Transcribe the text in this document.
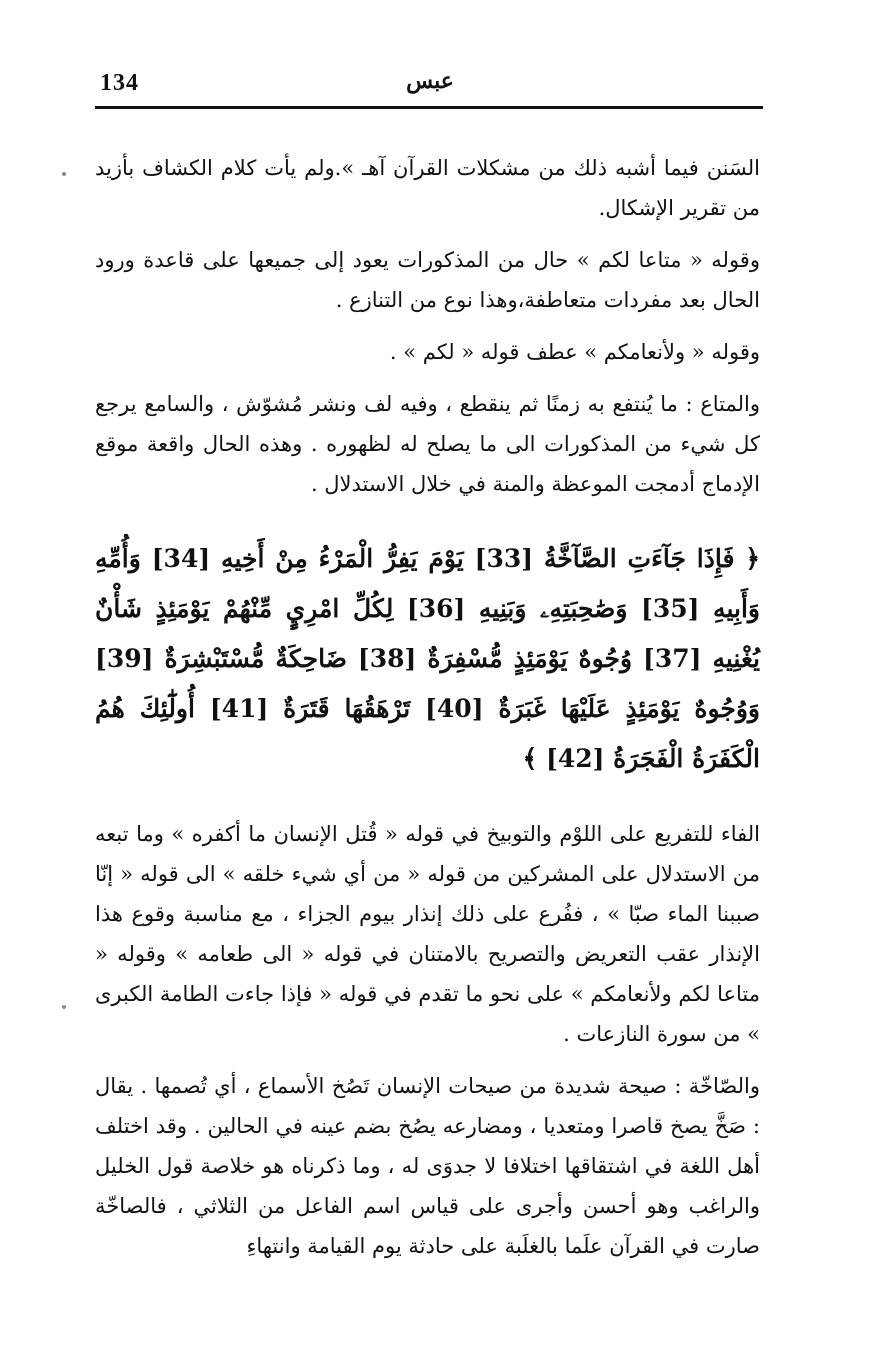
134	عبس

السَنن فيما أشبه ذلك من مشكلات القرآن آهـ ».ولم يأت كلام الكشاف بأزيد من تقرير الإشكال.

وقوله « متاعا لكم » حال من المذكورات يعود إلى جميعها على قاعدة ورود الحال بعد مفردات متعاطفة،وهذا نوع من التنازع .

وقوله « ولأنعامكم » عطف قوله « لكم » .

والمتاع : ما يُنتفع به زمنًا ثم ينقطع ، وفيه لف ونشر مُشوّش ، والسامع يرجع كل شيء من المذكورات الى ما يصلح له لظهوره . وهذه الحال واقعة موقع الإدماج أدمجت الموعظة والمنة في خلال الاستدلال .

﴿ فَإِذَا جَآءَتِ الصَّآخَّةُ [33] يَوْمَ يَفِرُّ الْمَرْءُ مِنْ أَخِيهِ [34] وَأُمِّهِ وَأَبِيهِ [35] وَصَٰحِبَتِهِۦ وَبَنِيهِ [36] لِكُلِّ امْرِيٍٕ مِّنْهُمْ يَوْمَئِذٍ شَأْنٌ يُغْنِيهِ [37] وُجُوهٌ يَوْمَئِذٍ مُّسْفِرَةٌ [38] ضَاحِكَةٌ مُّسْتَبْشِرَةٌ [39] وَوُجُوهٌ يَوْمَئِذٍ عَلَيْهَا غَبَرَةٌ [40] تَرْهَقُهَا قَتَرَةٌ [41] أُولَٰٓئِكَ هُمُ الْكَفَرَةُ الْفَجَرَةُ [42] ﴾

الفاء للتفريع على اللوْم والتوبيخ في قوله « قُتل الإنسان ما أكفره » وما تبعه من الاستدلال على المشركين من قوله « من أي شيء خلقه » الى قوله « إنّا صببنا الماء صبّا » ، ففُرع على ذلك إنذار بيوم الجزاء ، مع مناسبة وقوع هذا الإنذار عقب التعريض والتصريح بالامتنان في قوله « الى طعامه » وقوله « متاعا لكم ولأنعامكم » على نحو ما تقدم في قوله « فإذا جاءت الطامة الكبرى » من سورة النازعات .

والصّاخّة : صيحة شديدة من صيحات الإنسان تَصُخ الأسماع ، أي تُصمها . يقال : صَخَّ يصخ قاصرا ومتعديا ، ومضارعه يصُخ بضم عينه في الحالين . وقد اختلف أهل اللغة في اشتقاقها اختلافا لا جدوَى له ، وما ذكرناه هو خلاصة قول الخليل والراغب وهو أحسن وأجرى على قياس اسم الفاعل من الثلاثي ، فالصاخّة صارت في القرآن علَما بالغلَبة على حادثة يوم القيامة وانتهاءِ
